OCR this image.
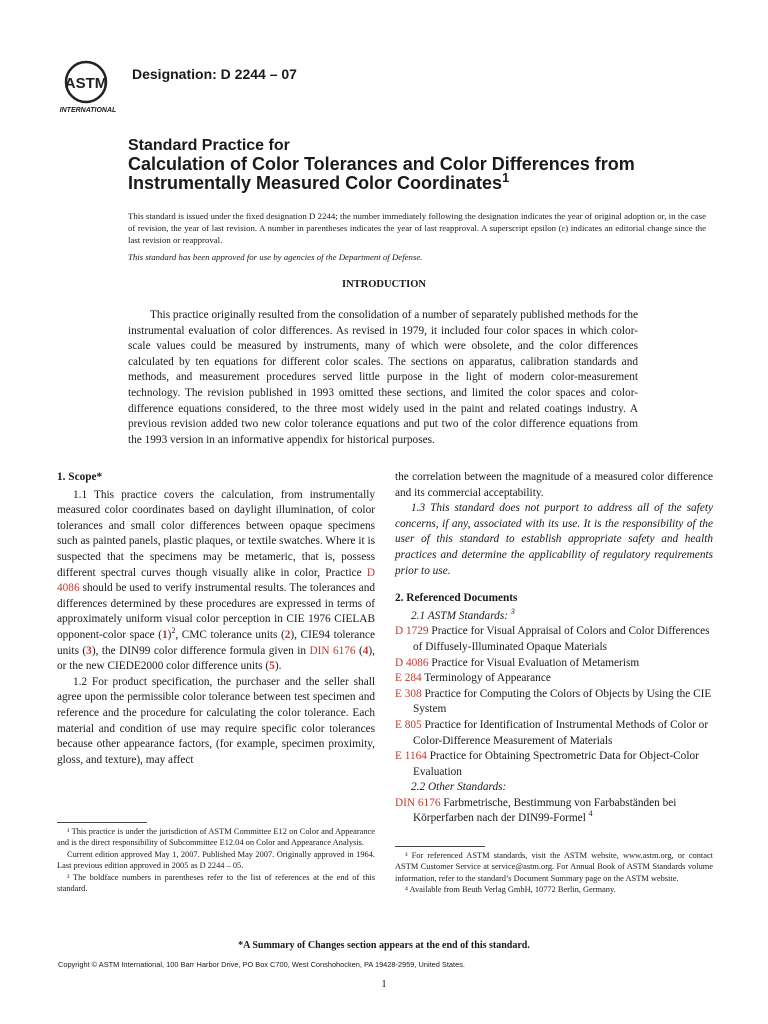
ASTM
INTERNATIONAL
Designation: D 2244 – 07
Standard Practice for
Calculation of Color Tolerances and Color Differences from
Instrumentally Measured Color Coordinates$^1$
This standard is issued under the fixed designation D 2244; the number immediately following the designation indicates the year of original adoption or, in the case of revision, the year of last revision. A number in parentheses indicates the year of last reapproval. A superscript epsilon (ε) indicates an editorial change since the last revision or reapproval.
This standard has been approved for use by agencies of the Department of Defense.
INTRODUCTION
This practice originally resulted from the consolidation of a number of separately published methods for the instrumental evaluation of color differences. As revised in 1979, it included four color spaces in which color-scale values could be measured by instruments, many of which were obsolete, and the color differences calculated by ten equations for different color scales. The sections on apparatus, calibration standards and methods, and measurement procedures served little purpose in the light of modern color-measurement technology. The revision published in 1993 omitted these sections, and limited the color spaces and color-difference equations considered, to the three most widely used in the paint and related coatings industry. A previous revision added two new color tolerance equations and put two of the color difference equations from the 1993 version in an informative appendix for historical purposes.
1. Scope*

1.1 This practice covers the calculation, from instrumentally measured color coordinates based on daylight illumination, of color tolerances and small color differences between opaque specimens such as painted panels, plastic plaques, or textile swatches. Where it is suspected that the specimens may be metameric, that is, possess different spectral curves though visually alike in color, Practice D 4086 should be used to verify instrumental results. The tolerances and differences determined by these procedures are expressed in terms of approximately uniform visual color perception in CIE 1976 CIELAB opponent-color space $(1)^2$, CMC tolerance units (2), CIE94 tolerance units (3), the DIN99 color difference formula given in DIN 6176 (4), or the new CIEDE2000 color difference units (5).

1.2 For product specification, the purchaser and the seller shall agree upon the permissible color tolerance between test specimen and reference and the procedure for calculating the color tolerance. Each material and condition of use may require specific color tolerances because other appearance factors, (for example, specimen proximity, gloss, and texture), may affect

the correlation between the magnitude of a measured color difference and its commercial acceptability.

1.3 This standard does not purport to address all of the safety concerns, if any, associated with its use. It is the responsibility of the user of this standard to establish appropriate safety and health practices and determine the applicability of regulatory requirements prior to use.

2. Referenced Documents

2.1 ASTM Standards: $^3$

D 1729 Practice for Visual Appraisal of Colors and Color Differences of Diffusely-Illuminated Opaque Materials
D 4086 Practice for Visual Evaluation of Metamerism
E 284 Terminology of Appearance
E 308 Practice for Computing the Colors of Objects by Using the CIE System
E 805 Practice for Identification of Instrumental Methods of Color or Color-Difference Measurement of Materials
E 1164 Practice for Obtaining Spectrometric Data for Object-Color Evaluation

2.2 Other Standards:

DIN 6176 Farbmetrische, Bestimmung von Farbabständen bei Körperfarben nach der DIN99-Formel $^4$

¹ This practice is under the jurisdiction of ASTM Committee E12 on Color and Appearance and is the direct responsibility of Subcommittee E12.04 on Color and Appearance Analysis.

Current edition approved May 1, 2007. Published May 2007. Originally approved in 1964. Last previous edition approved in 2005 as D 2244 – 05.

² The boldface numbers in parentheses refer to the list of references at the end of this standard.

³ For referenced ASTM standards, visit the ASTM website, www.astm.org, or contact ASTM Customer Service at service@astm.org. For Annual Book of ASTM Standards volume information, refer to the standard’s Document Summary page on the ASTM website.

⁴ Available from Beuth Verlag GmbH, 10772 Berlin, Germany.

*A Summary of Changes section appears at the end of this standard.
Copyright © ASTM International, 100 Barr Harbor Drive, PO Box C700, West Conshohocken, PA 19428-2959, United States.
1
